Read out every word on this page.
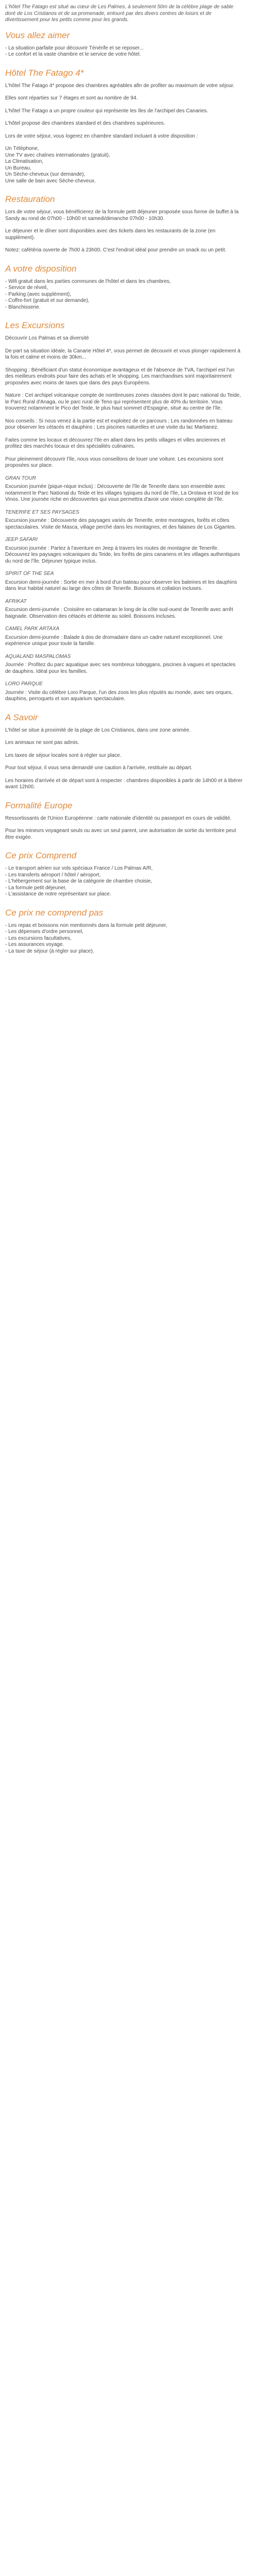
L'hôtel The Fatago est situé au cœur de Les Palmes, à seulement 50m de la célèbre plage de sable doré de Los Cristianos et de sa promenade, entouré par des divers centres de loisirs et de divertissement pour les petits comme pour les grands.

Vous allez aimer
- La situation parfaite pour découvrir Ténérife et se reposer...
- Le confort et la vaste chambre et le service de votre hôtel.
Hôtel The Fatago 4*

L'hôtel The Fatago 4* propose des chambres agréables afin de profiter au maximum de votre séjour.

Elles sont réparties sur 7 étages et sont au nombre de 94.

L'hôtel The Fatago a un propre couleur qui représente les îles de l'archipel des Canaries.

L'hôtel propose des chambres standard et des chambres supérieures.

Lors de votre séjour, vous logerez en chambre standard incluant à votre disposition :

Un Téléphone,
Une TV avec chaînes internationales (gratuit),
La Climatisation,
Un Bureau,
Un Sèche-cheveux (sur demande),
Une salle de bain avec Sèche-cheveux.
Restauration

Lors de votre séjour, vous bénéficierez de la formule petit déjeuner proposée sous forme de buffet à la Sandy au rond de 07h00 - 10h00 et samedi/dimanche 07h00 - 10h30.

Le déjeuner et le dîner sont disponibles avec des tickets dans les restaurants de la zone (en supplément).

Notez: cafétéria ouverte de 7h00 à 23h00. C'est l'endroit idéal pour prendre un snack ou un petit.

A votre disposition
- Wifi gratuit dans les parties communes de l'hôtel et dans les chambres,
- Service de réveil,
- Parking (avec supplément),
- Coffre-fort (gratuit et sur demande),
- Blanchisserie.
Les Excursions

Découvrir Los Palmas et sa diversité

De part sa situation idéale, la Canarie Hôtel 4*, vous permet de découvrir et vous plonger rapidement à la fois et calme et moins de 30km...

Shopping : Bénéficiant d'un statut économique avantageux et de l'absence de TVA, l'archipel est l'un des meilleurs endroits pour faire des achats et le shopping. Les marchandises sont majoritairement proposées avec moins de taxes que dans des pays Européens.

Nature : Cet archipel volcanique compte de nombreuses zones classées dont le parc national du Teide, le Parc Rural d'Anaga, ou le parc rural de Teno qui représentent plus de 40% du territoire. Vous trouverez notamment le Pico del Teide, le plus haut sommet d'Espagne, situé au centre de l'île.

Nos conseils : Si nous venez à la partie est et exploitez de ce parcours ; Les randonnées en bateau pour observer les cétacés et dauphins ; Les piscines naturelles et une visite du lac Martianez.

Faites comme les locaux et découvrez l'Ile en allant dans les petits villages et villes anciennes et profitez des marchés locaux et des spécialités culinaires.

Pour pleinement découvrir l'île, nous vous conseillons de louer une voiture. Les excursions sont proposées sur place.

GRAN TOUR

Excursion journée (pique-nique inclus) : Découverte de l'île de Tenerife dans son ensemble avec notamment le Parc National du Teide et les villages typiques du nord de l'île, La Orotava et Icod de los Vinos. Une journée riche en découvertes qui vous permettra d'avoir une vision complète de l'île.

TENERIFE ET SES PAYSAGES

Excursion journée : Découverte des paysages variés de Tenerife, entre montagnes, forêts et côtes spectaculaires. Visite de Masca, village perché dans les montagnes, et des falaises de Los Gigantes.

JEEP SAFARI

Excursion journée : Partez à l'aventure en Jeep à travers les routes de montagne de Tenerife. Découvrez les paysages volcaniques du Teide, les forêts de pins canariens et les villages authentiques du nord de l'île. Déjeuner typique inclus.

SPIRIT OF THE SEA

Excursion demi-journée : Sortie en mer à bord d'un bateau pour observer les baleines et les dauphins dans leur habitat naturel au large des côtes de Tenerife. Boissons et collation incluses.

AFRIKAT

Excursion demi-journée : Croisière en catamaran le long de la côte sud-ouest de Tenerife avec arrêt baignade. Observation des cétacés et détente au soleil. Boissons incluses.

CAMEL PARK ARTAXA

Excursion demi-journée : Balade à dos de dromadaire dans un cadre naturel exceptionnel. Une expérience unique pour toute la famille.

AQUALAND MASPALOMAS

Journée : Profitez du parc aquatique avec ses nombreux toboggans, piscines à vagues et spectacles de dauphins. Idéal pour les familles.

LORO PARQUE

Journée : Visite du célèbre Loro Parque, l'un des zoos les plus réputés au monde, avec ses orques, dauphins, perroquets et son aquarium spectaculaire.

A Savoir

L'hôtel se situe à proximité de la plage de Los Cristianos, dans une zone animée.

Les animaux ne sont pas admis.

Les taxes de séjour locales sont à régler sur place.

Pour tout séjour, il vous sera demandé une caution à l'arrivée, restituée au départ.

Les horaires d'arrivée et de départ sont à respecter : chambres disponibles à partir de 14h00 et à libérer avant 12h00.

Formalité Europe

Ressortissants de l'Union Européenne : carte nationale d'identité ou passeport en cours de validité.

Pour les mineurs voyageant seuls ou avec un seul parent, une autorisation de sortie du territoire peut être exigée.

Ce prix Comprend
- Le transport aérien sur vols spéciaux France / Los Palmas A/R,
- Les transferts aéroport / hôtel / aéroport,
- L'hébergement sur la base de la catégorie de chambre choisie,
- La formule petit déjeuner,
- L'assistance de notre représentant sur place.
Ce prix ne comprend pas
- Les repas et boissons non mentionnés dans la formule petit déjeuner,
- Les dépenses d'ordre personnel,
- Les excursions facultatives,
- Les assurances voyage.
- La taxe de séjour (à régler sur place).
